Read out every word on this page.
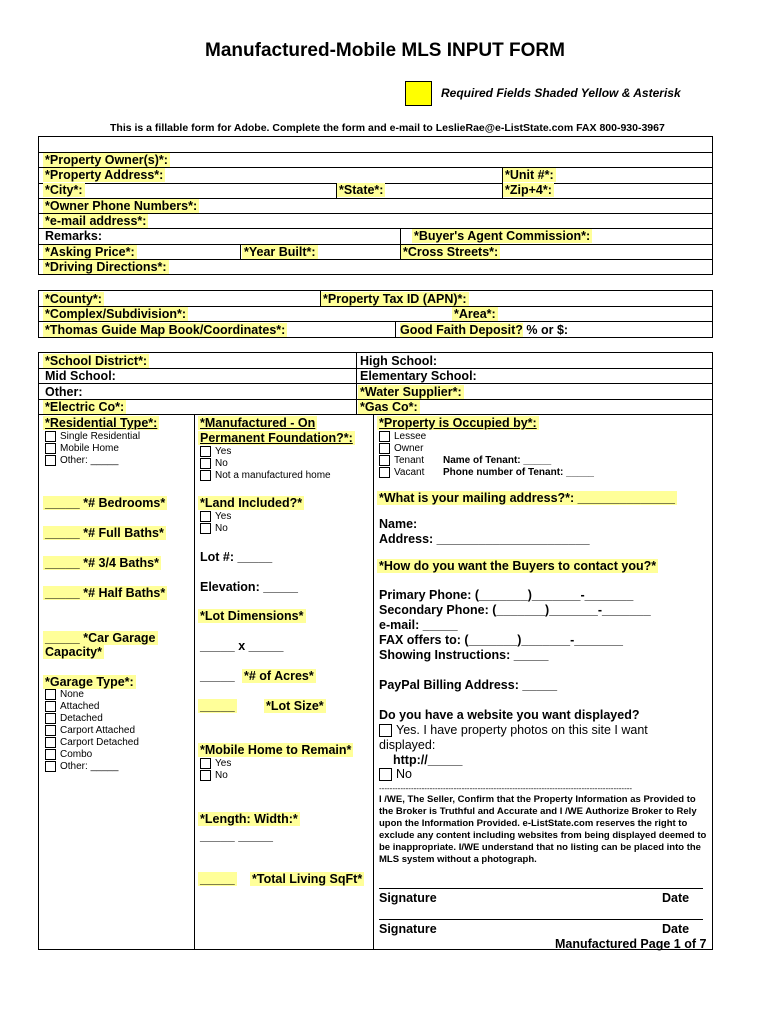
Manufactured-Mobile MLS INPUT FORM
Required Fields Shaded Yellow & Asterisk
This is a fillable form for Adobe. Complete the form and e-mail to LeslieRae@e-ListState.com FAX 800-930-3967
*Property Owner(s)*:
*Property Address*:	*Unit #*:
*City*:	*State*:	*Zip+4*:
*Owner Phone Numbers*:
*e-mail address*:
Remarks:	*Buyer's Agent Commission*:
*Asking Price*:	*Year Built*:	*Cross Streets*:
*Driving Directions*:
*County*:	*Property Tax ID (APN)*:
*Complex/Subdivision*:	*Area*:
*Thomas Guide Map Book/Coordinates*:	Good Faith Deposit? % or $:
*School District*:	High School:
Mid School:	Elementary School:
Other:	*Water Supplier*:
*Electric Co*:	*Gas Co*:
*Residential Type*:
Single Residential
Mobile Home
Other: _____
_____ *# Bedrooms*
_____ *# Full Baths*
_____ *# 3/4 Baths*
_____ *# Half Baths*
_____ *Car Garage
Capacity*
*Garage Type*:
None
Attached
Detached
Carport Attached
Carport Detached
Combo
Other: _____
*Manufactured - On
Permanent Foundation?*:
Yes
No
Not a manufactured home
*Land Included?*
Yes
No
Lot #: _____
Elevation: _____
*Lot Dimensions*
_____ x _____
_____ *# of Acres*
_____ *Lot Size*
*Mobile Home to Remain*
Yes
No
*Length: Width:*
_____ _____
_____ *Total Living SqFt*
*Property is Occupied by*:
Lessee
Owner
Tenant
Vacant
Name of Tenant: _____
Phone number of Tenant: _____
*What is your mailing address?*: ______________
Name:
Address: ______________________
*How do you want the Buyers to contact you?*
Primary Phone: (_______)_______-_______
Secondary Phone: (_______)_______-_______
e-mail: _____
FAX offers to: (_______)_______-_______
Showing Instructions: _____
PayPal Billing Address: _____
Do you have a website you want displayed?
Yes. I have property photos on this site I want
displayed:
http://_____
No
-----------------------------------------------------------------------------------------------
I /WE, The Seller, Confirm that the Property Information as Provided to the Broker is Truthful and Accurate and I /WE Authorize Broker to Rely upon the Information Provided. e-ListState.com reserves the right to exclude any content including websites from being displayed deemed to be inappropriate. I/WE understand that no listing can be placed into the MLS system without a photograph.
Signature	Date
Signature	Date
Manufactured Page 1 of 7
